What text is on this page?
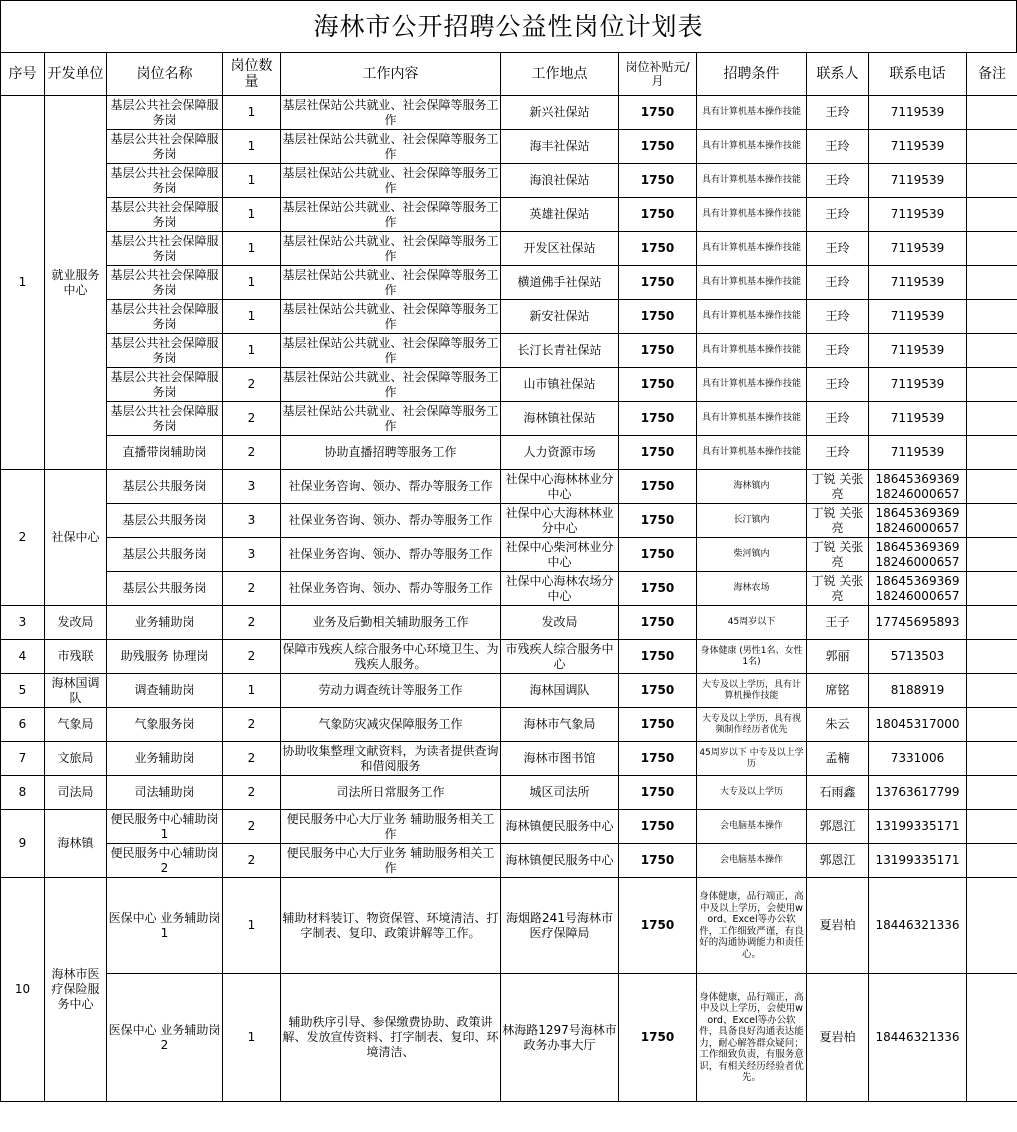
海林市公开招聘公益性岗位计划表
序号	开发单位	岗位名称	岗位数量	工作内容	工作地点	岗位补贴元/月	招聘条件	联系人	联系电话	备注
1	就业服务中心	基层公共社会保障服务岗	1	基层社保站公共就业、社会保障等服务工作	新兴社保站	1750	具有计算机基本操作技能	王玲	7119539	
		基层公共社会保障服务岗	1	基层社保站公共就业、社会保障等服务工作	海丰社保站	1750	具有计算机基本操作技能	王玲	7119539	
		基层公共社会保障服务岗	1	基层社保站公共就业、社会保障等服务工作	海浪社保站	1750	具有计算机基本操作技能	王玲	7119539	
		基层公共社会保障服务岗	1	基层社保站公共就业、社会保障等服务工作	英雄社保站	1750	具有计算机基本操作技能	王玲	7119539	
		基层公共社会保障服务岗	1	基层社保站公共就业、社会保障等服务工作	开发区社保站	1750	具有计算机基本操作技能	王玲	7119539	
		基层公共社会保障服务岗	1	基层社保站公共就业、社会保障等服务工作	横道佛手社保站	1750	具有计算机基本操作技能	王玲	7119539	
		基层公共社会保障服务岗	1	基层社保站公共就业、社会保障等服务工作	新安社保站	1750	具有计算机基本操作技能	王玲	7119539	
		基层公共社会保障服务岗	1	基层社保站公共就业、社会保障等服务工作	长汀长青社保站	1750	具有计算机基本操作技能	王玲	7119539	
		基层公共社会保障服务岗	2	基层社保站公共就业、社会保障等服务工作	山市镇社保站	1750	具有计算机基本操作技能	王玲	7119539	
		基层公共社会保障服务岗	2	基层社保站公共就业、社会保障等服务工作	海林镇社保站	1750	具有计算机基本操作技能	王玲	7119539	
		直播带岗辅助岗	2	协助直播招聘等服务工作	人力资源市场	1750	具有计算机基本操作技能	王玲	7119539	
2	社保中心	基层公共服务岗	3	社保业务咨询、领办、帮办等服务工作	社保中心海林林业分中心	1750	海林镇内	丁锐 关张亮	18645369369 18246000657	
		基层公共服务岗	3	社保业务咨询、领办、帮办等服务工作	社保中心大海林林业分中心	1750	长汀镇内	丁锐 关张亮	18645369369 18246000657	
		基层公共服务岗	3	社保业务咨询、领办、帮办等服务工作	社保中心柴河林业分中心	1750	柴河镇内	丁锐 关张亮	18645369369 18246000657	
		基层公共服务岗	2	社保业务咨询、领办、帮办等服务工作	社保中心海林农场分中心	1750	海林农场	丁锐 关张亮	18645369369 18246000657	
3	发改局	业务辅助岗	2	业务及后勤相关辅助服务工作	发改局	1750	45周岁以下	王子	17745695893	
4	市残联	助残服务 协理岗	2	保障市残疾人综合服务中心环境卫生、为残疾人服务。	市残疾人综合服务中心	1750	身体健康 (男性1名、女性1名)	郭丽	5713503	
5	海林国调队	调查辅助岗	1	劳动力调查统计等服务工作	海林国调队	1750	大专及以上学历，具有计算机操作技能	席铭	8188919	
6	气象局	气象服务岗	2	气象防灾减灾保障服务工作	海林市气象局	1750	大专及以上学历，具有视频制作经历者优先	朱云	18045317000	
7	文旅局	业务辅助岗	2	协助收集整理文献资料，为读者提供查询和借阅服务	海林市图书馆	1750	45周岁以下 中专及以上学历	孟楠	7331006	
8	司法局	司法辅助岗	2	司法所日常服务工作	城区司法所	1750	大专及以上学历	石雨鑫	13763617799	
9	海林镇	便民服务中心辅助岗1	2	便民服务中心大厅业务 辅助服务相关工作	海林镇便民服务中心	1750	会电脑基本操作	郭恩江	13199335171	
		便民服务中心辅助岗2	2	便民服务中心大厅业务 辅助服务相关工作	海林镇便民服务中心	1750	会电脑基本操作	郭恩江	13199335171	
10	海林市医疗保险服务中心	医保中心 业务辅助岗1	1	辅助材料装订、物资保管、环境清洁、打字制表、复印、政策讲解等工作。	海烟路241号海林市医疗保障局	1750	身体健康，品行端正，高中及以上学历，会使用word、Excel等办公软件，工作细致严谨，有良好的沟通协调能力和责任心。	夏岩柏	18446321336	
		医保中心 业务辅助岗2	1	辅助秩序引导、参保缴费协助、政策讲解、发放宣传资料、打字制表、复印、环境清洁、	林海路1297号海林市政务办事大厅	1750	身体健康，品行端正，高中及以上学历，会使用word、Excel等办公软件，具备良好沟通表达能力，耐心解答群众疑问；工作细致负责，有服务意识，有相关经历经验者优先。	夏岩柏	18446321336	
